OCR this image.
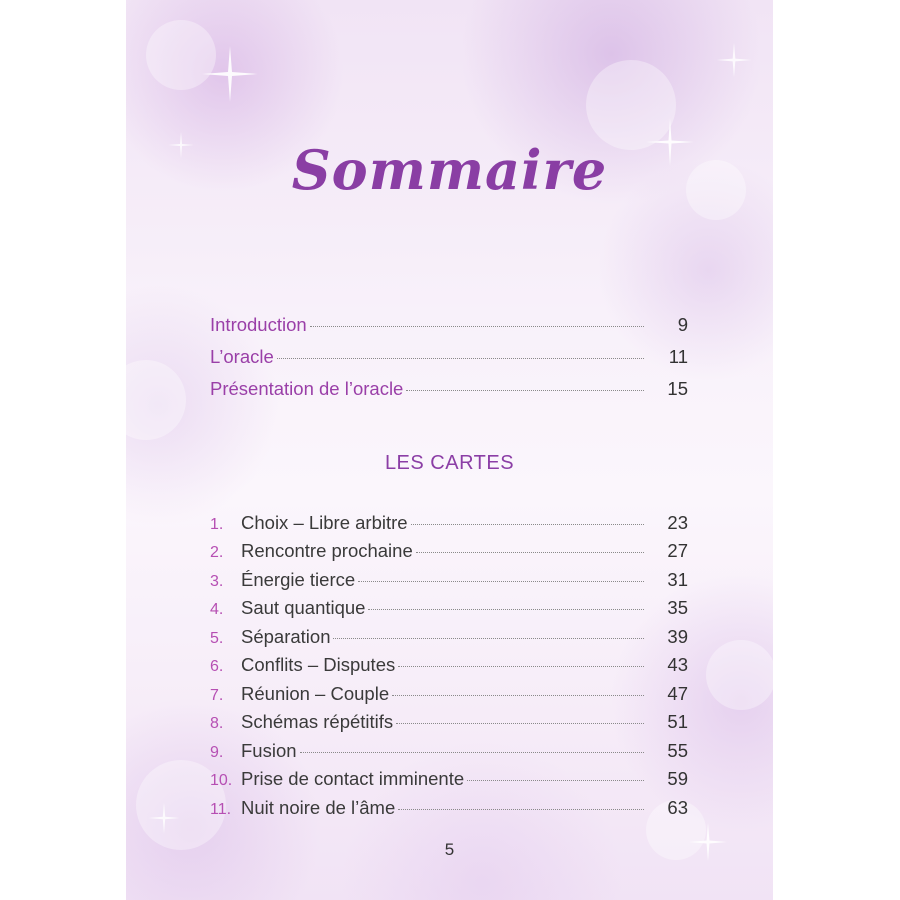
Sommaire
Introduction	9
L’oracle	11
Présentation de l’oracle	15
LES CARTES
1. Choix – Libre arbitre	23
2. Rencontre prochaine	27
3. Énergie tierce	31
4. Saut quantique	35
5. Séparation	39
6. Conflits – Disputes	43
7. Réunion – Couple	47
8. Schémas répétitifs	51
9. Fusion	55
10. Prise de contact imminente	59
11. Nuit noire de l’âme	63
5
